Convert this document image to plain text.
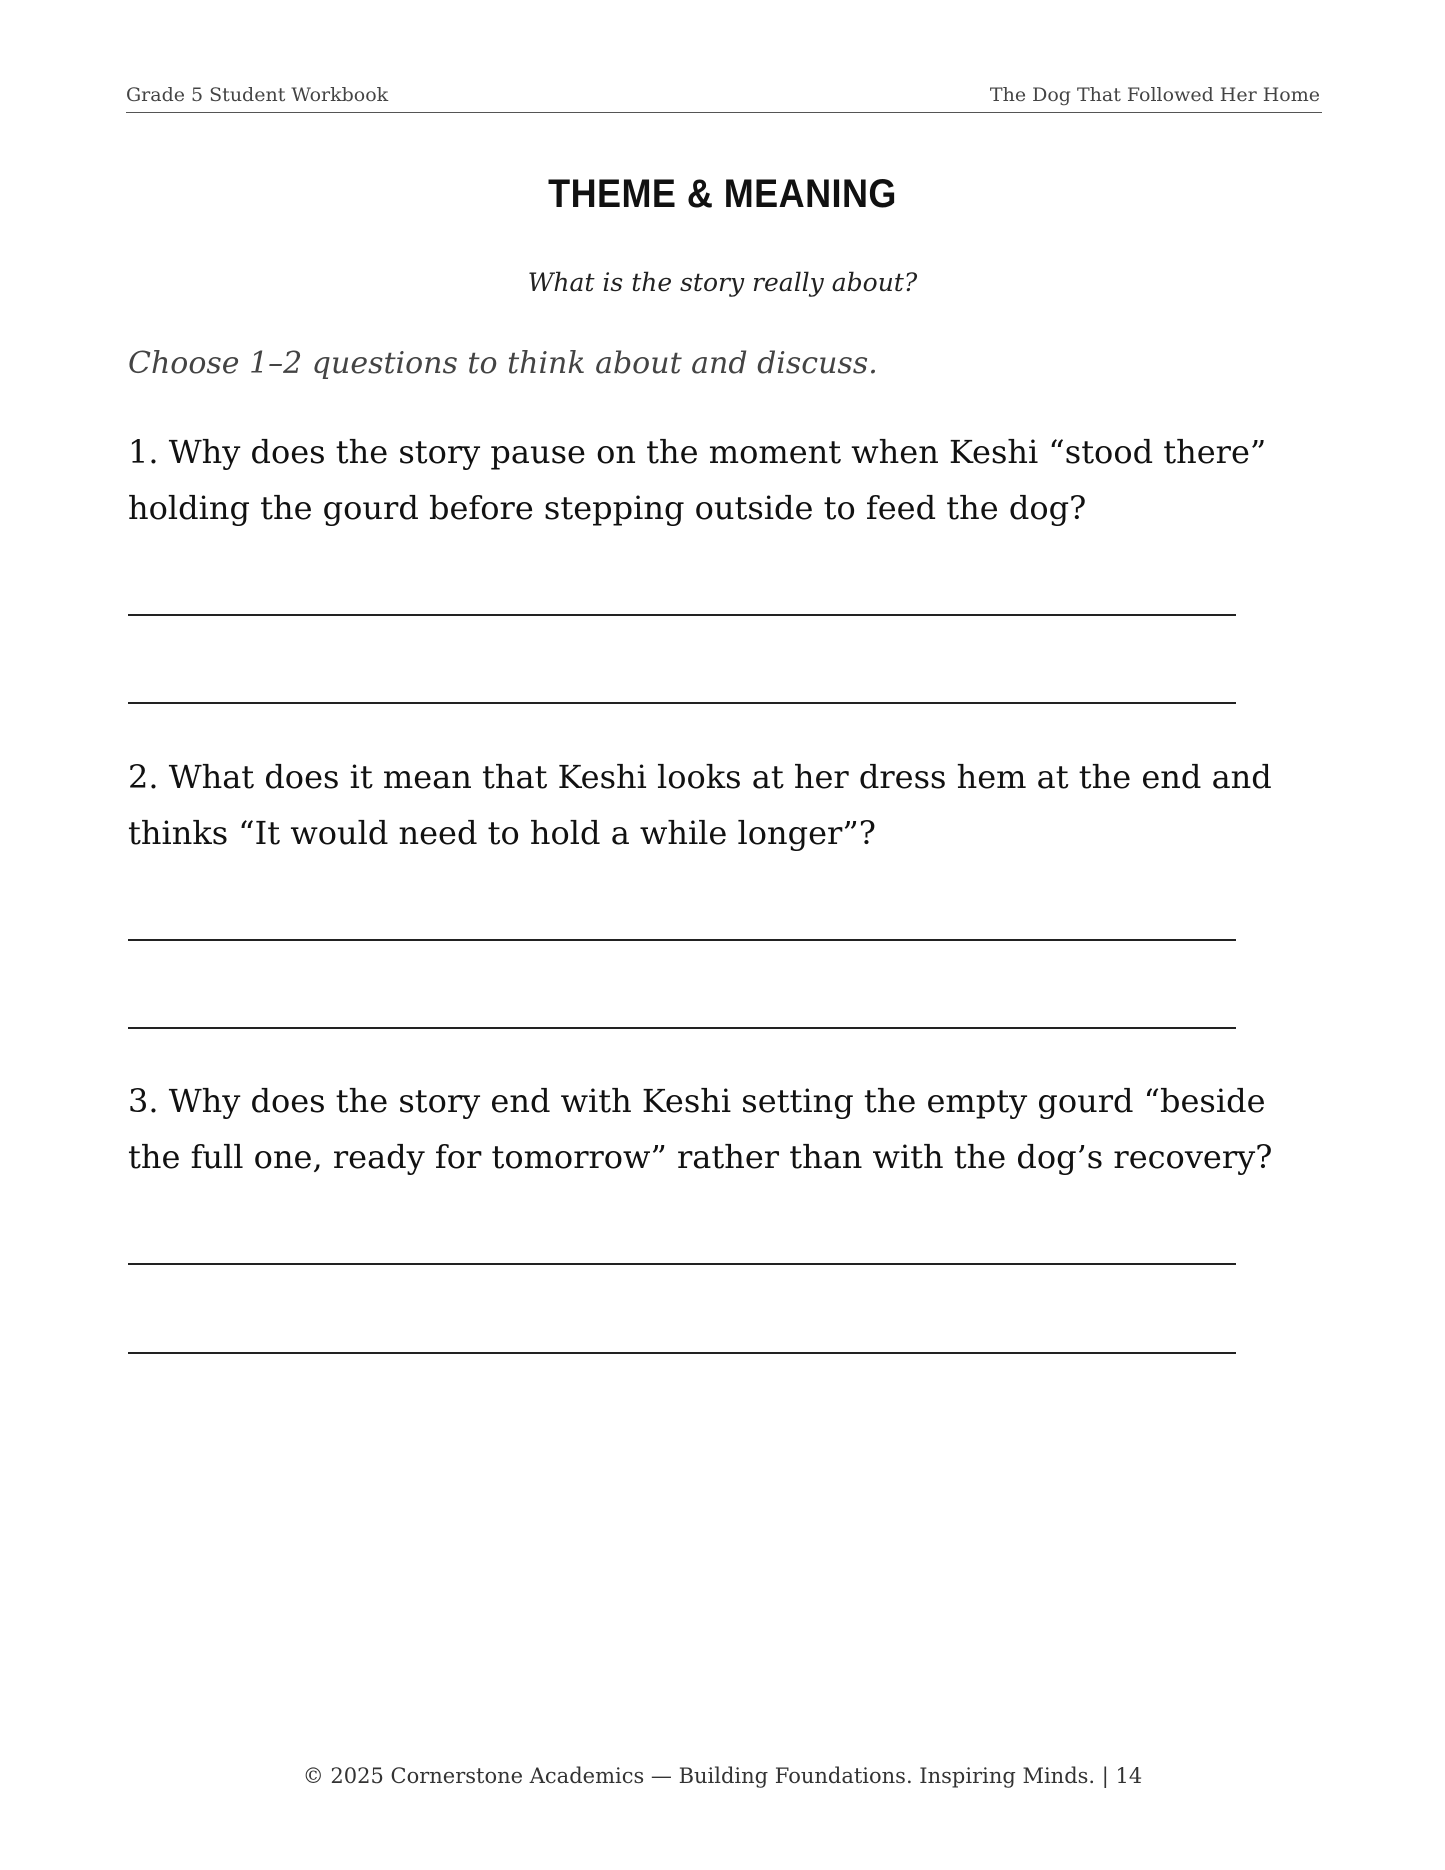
Grade 5 Student Workbook	The Dog That Followed Her Home
THEME & MEANING
What is the story really about?
Choose 1–2 questions to think about and discuss.
1. Why does the story pause on the moment when Keshi “stood there” holding the gourd before stepping outside to feed the dog?
2. What does it mean that Keshi looks at her dress hem at the end and thinks “It would need to hold a while longer”?
3. Why does the story end with Keshi setting the empty gourd “beside the full one, ready for tomorrow” rather than with the dog’s recovery?
© 2025 Cornerstone Academics — Building Foundations. Inspiring Minds. | 14
